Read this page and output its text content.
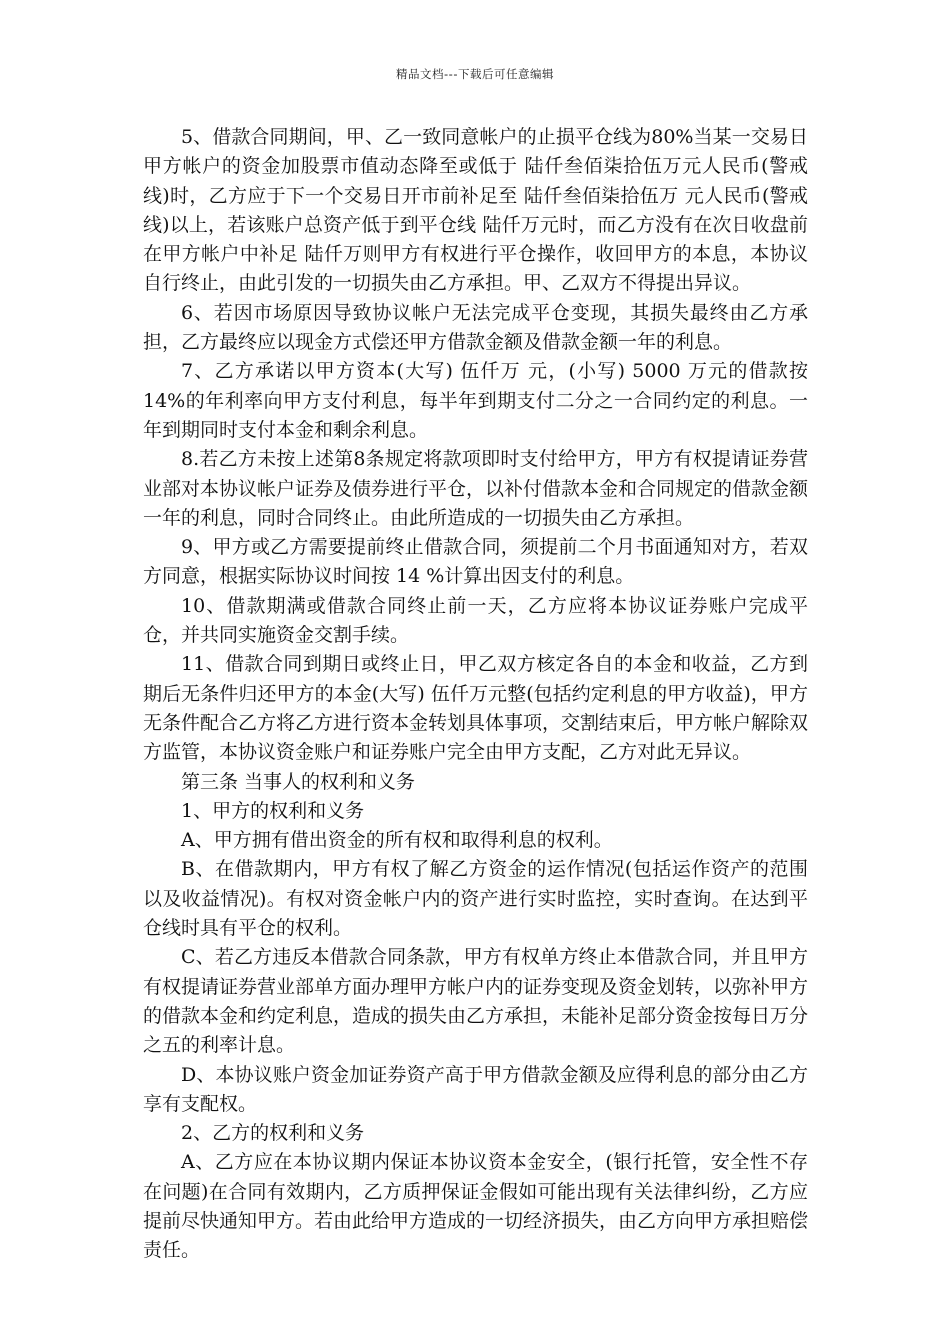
精品文档---下载后可任意编辑

5、借款合同期间，甲、乙一致同意帐户的止损平仓线为80%当某一交易日甲方帐户的资金加股票市值动态降至或低于 陆仟叁佰柒拾伍万元人民币(警戒线)时，乙方应于下一个交易日开市前补足至 陆仟叁佰柒拾伍万 元人民币(警戒线)以上，若该账户总资产低于到平仓线 陆仟万元时，而乙方没有在次日收盘前在甲方帐户中补足 陆仟万则甲方有权进行平仓操作，收回甲方的本息，本协议自行终止，由此引发的一切损失由乙方承担。甲、乙双方不得提出异议。

6、若因市场原因导致协议帐户无法完成平仓变现，其损失最终由乙方承担，乙方最终应以现金方式偿还甲方借款金额及借款金额一年的利息。

7、乙方承诺以甲方资本(大写) 伍仟万 元，(小写) 5000 万元的借款按14%的年利率向甲方支付利息，每半年到期支付二分之一合同约定的利息。一年到期同时支付本金和剩余利息。

8.若乙方未按上述第8条规定将款项即时支付给甲方，甲方有权提请证券营业部对本协议帐户证券及债券进行平仓，以补付借款本金和合同规定的借款金额一年的利息，同时合同终止。由此所造成的一切损失由乙方承担。

9、甲方或乙方需要提前终止借款合同，须提前二个月书面通知对方，若双方同意，根据实际协议时间按 14 %计算出因支付的利息。

10、借款期满或借款合同终止前一天，乙方应将本协议证券账户完成平仓，并共同实施资金交割手续。

11、借款合同到期日或终止日，甲乙双方核定各自的本金和收益，乙方到期后无条件归还甲方的本金(大写) 伍仟万元整(包括约定利息的甲方收益)，甲方无条件配合乙方将乙方进行资本金转划具体事项，交割结束后，甲方帐户解除双方监管，本协议资金账户和证券账户完全由甲方支配，乙方对此无异议。

第三条 当事人的权利和义务

1、甲方的权利和义务

A、甲方拥有借出资金的所有权和取得利息的权利。

B、在借款期内，甲方有权了解乙方资金的运作情况(包括运作资产的范围以及收益情况)。有权对资金帐户内的资产进行实时监控，实时查询。在达到平仓线时具有平仓的权利。

C、若乙方违反本借款合同条款，甲方有权单方终止本借款合同，并且甲方有权提请证券营业部单方面办理甲方帐户内的证券变现及资金划转，以弥补甲方的借款本金和约定利息，造成的损失由乙方承担，未能补足部分资金按每日万分之五的利率计息。

D、本协议账户资金加证券资产高于甲方借款金额及应得利息的部分由乙方享有支配权。

2、乙方的权利和义务

A、乙方应在本协议期内保证本协议资本金安全，(银行托管，安全性不存在问题)在合同有效期内，乙方质押保证金假如可能出现有关法律纠纷，乙方应提前尽快通知甲方。若由此给甲方造成的一切经济损失，由乙方向甲方承担赔偿责任。
